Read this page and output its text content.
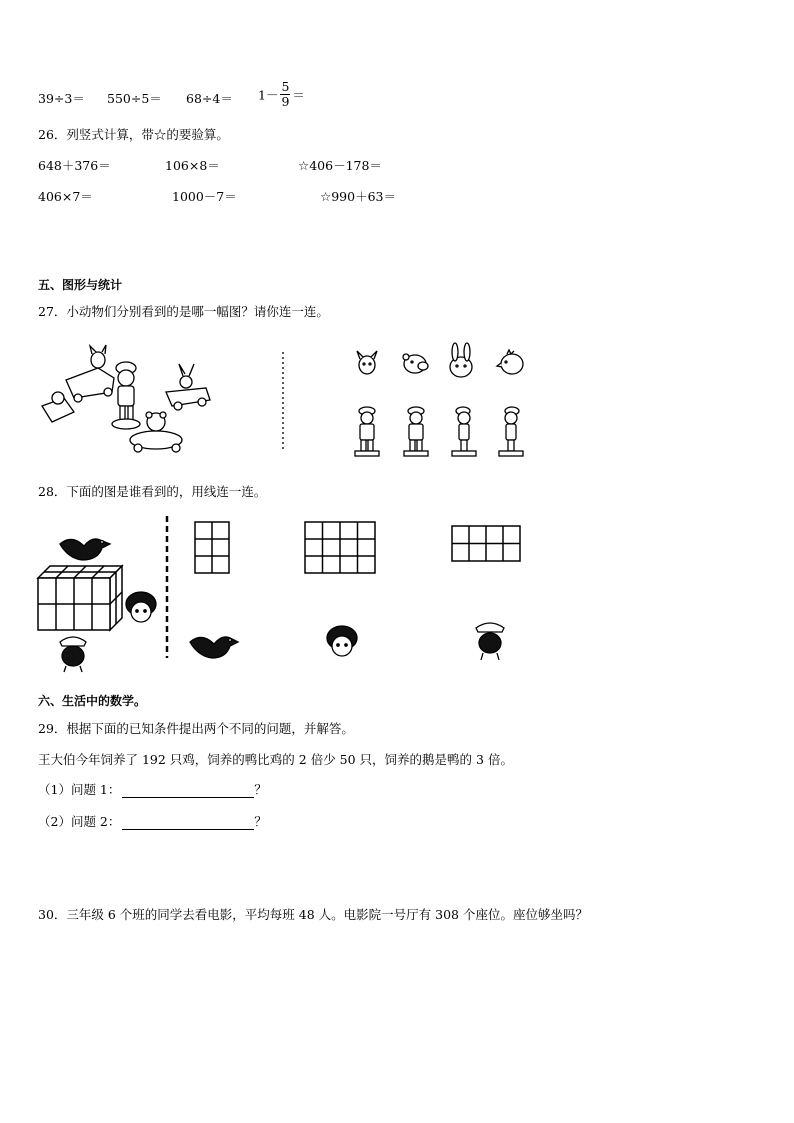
$39\div 3= 550\div 5= 68\div 4= 1- \frac{5}{9}$ ＝
26．列竖式计算，带☆的要验算。
648＋376＝	106×8＝	☆406－178＝
406×7＝	1000－7＝	☆990＋63＝
五、图形与统计
27．小动物们分别看到的是哪一幅图？请你连一连。
28．下面的图是谁看到的，用线连一连。
六、生活中的数学。
29．根据下面的已知条件提出两个不同的问题，并解答。
王大伯今年饲养了 192 只鸡，饲养的鸭比鸡的 2 倍少 50 只，饲养的鹅是鸭的 3 倍。
（1）问题 1：	？
（2）问题 2：	？
30．三年级 6 个班的同学去看电影，平均每班 48 人。电影院一号厅有 308 个座位。座位够坐吗？
